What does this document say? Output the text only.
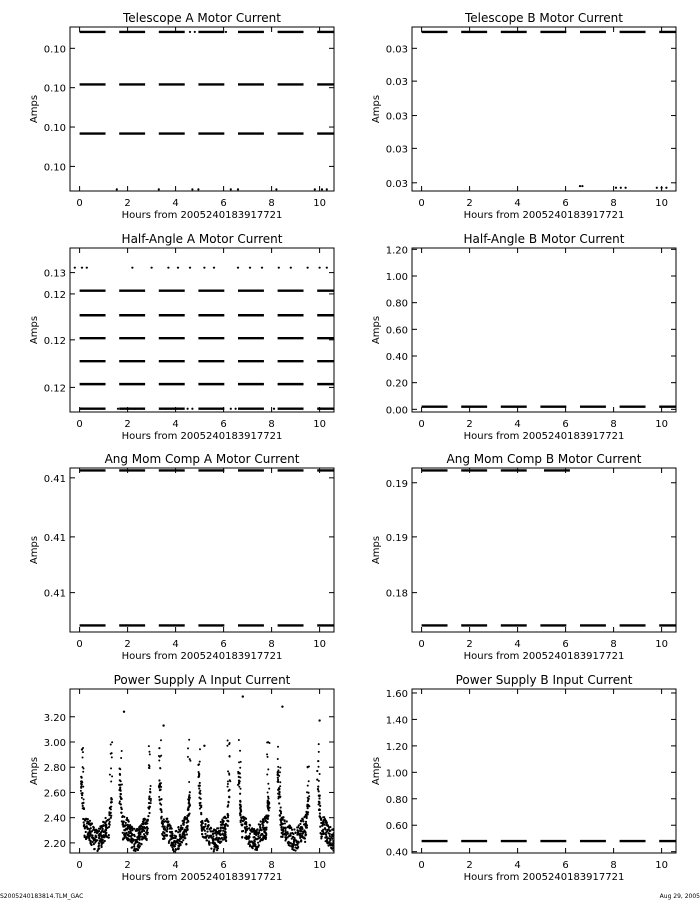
Telescope A Motor Current
Hours from 2005240183917721
Amps
0	2	4	6	8	10
0.10
0.10
0.10
0.10
Telescope B Motor Current
Hours from 2005240183917721
Amps
0	2	4	6	8	10
0.03
0.03
0.03
0.03
0.03
Half-Angle A Motor Current
Hours from 2005240183917721
Amps
0	2	4	6	8	10
0.12
0.12
0.12
0.13
Half-Angle B Motor Current
Hours from 2005240183917721
Amps
0	2	4	6	8	10
0.00
0.20
0.40
0.60
0.80
1.00
1.20
Ang Mom Comp A Motor Current
Hours from 2005240183917721
Amps
0	2	4	6	8	10
0.41
0.41
0.41
Ang Mom Comp B Motor Current
Hours from 2005240183917721
Amps
0	2	4	6	8	10
0.19
0.19
0.18
Power Supply A Input Current
Hours from 2005240183917721
Amps
0	2	4	6	8	10
2.20
2.40
2.60
2.80
3.00
3.20
Power Supply B Input Current
Hours from 2005240183917721
Amps
0	2	4	6	8	10
0.40
0.60
0.80
1.00
1.20
1.40
1.60
S2005240183814.TLM_GAC	Aug 29, 2005
